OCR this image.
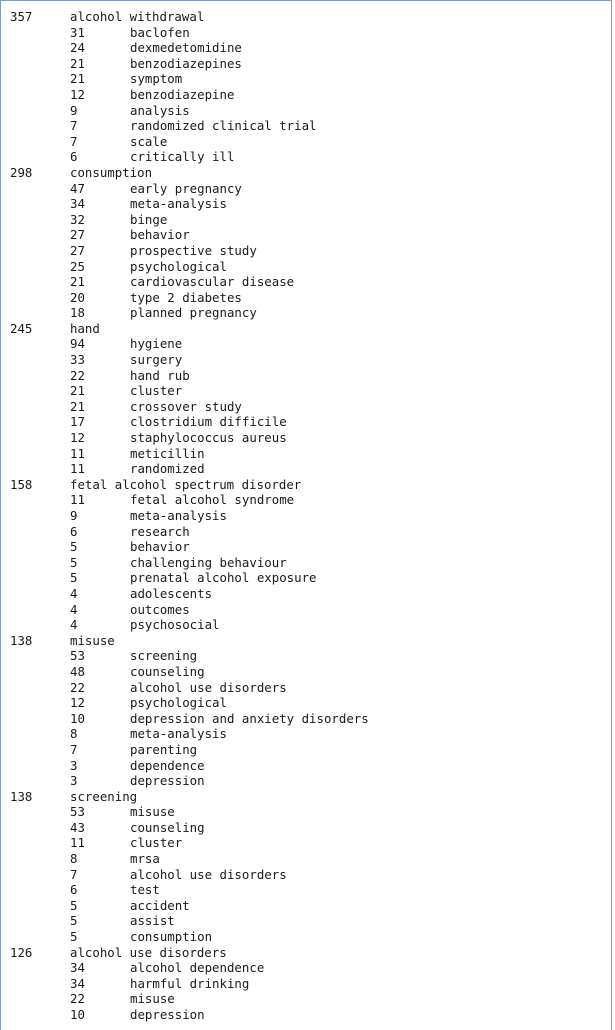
357	alcohol withdrawal
31	baclofen
24	dexmedetomidine
21	benzodiazepines
21	symptom
12	benzodiazepine
9	analysis
7	randomized clinical trial
7	scale
6	critically ill
298	consumption
47	early pregnancy
34	meta-analysis
32	binge
27	behavior
27	prospective study
25	psychological
21	cardiovascular disease
20	type 2 diabetes
18	planned pregnancy
245	hand
94	hygiene
33	surgery
22	hand rub
21	cluster
21	crossover study
17	clostridium difficile
12	staphylococcus aureus
11	meticillin
11	randomized
158	fetal alcohol spectrum disorder
11	fetal alcohol syndrome
9	meta-analysis
6	research
5	behavior
5	challenging behaviour
5	prenatal alcohol exposure
4	adolescents
4	outcomes
4	psychosocial
138	misuse
53	screening
48	counseling
22	alcohol use disorders
12	psychological
10	depression and anxiety disorders
8	meta-analysis
7	parenting
3	dependence
3	depression
138	screening
53	misuse
43	counseling
11	cluster
8	mrsa
7	alcohol use disorders
6	test
5	accident
5	assist
5	consumption
126	alcohol use disorders
34	alcohol dependence
34	harmful drinking
22	misuse
10	depression
